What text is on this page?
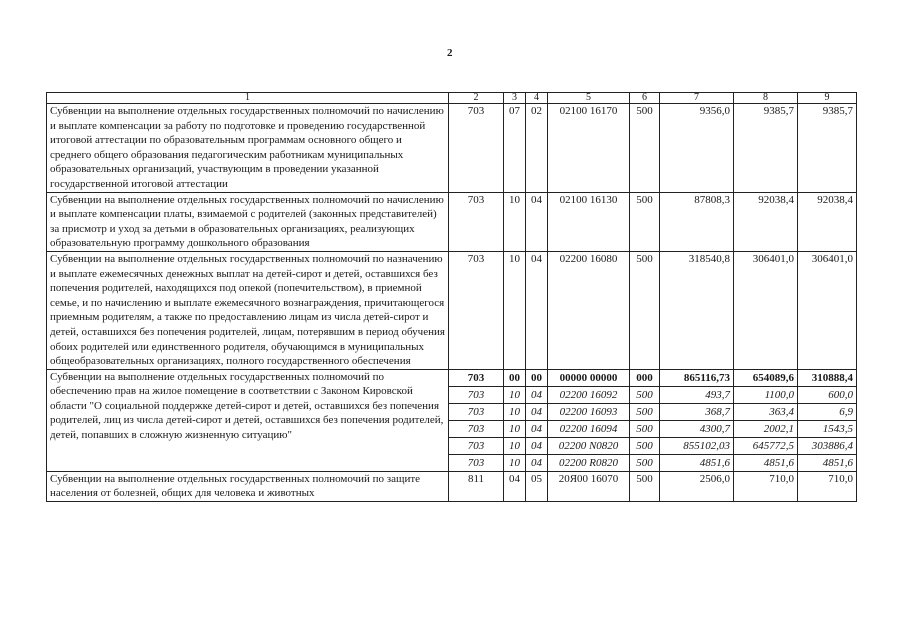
2
1	2	3	4	5	6	7	8	9
Субвенции на выполнение отдельных государственных полномочий по начислению и выплате компенсации за работу по подготовке и проведению государственной итоговой аттестации по образовательным программам основного общего и среднего общего образования педагогическим работникам муниципальных образовательных организаций, участвующим в проведении указанной государственной итоговой аттестации	703	07	02	02100 16170	500	9356,0	9385,7	9385,7
Субвенции на выполнение отдельных государственных полномочий по начислению и выплате компенсации платы, взимаемой с родителей (законных представителей) за присмотр и уход за детьми в образовательных организациях, реализующих образовательную программу дошкольного образования	703	10	04	02100 16130	500	87808,3	92038,4	92038,4
Субвенции на выполнение отдельных государственных полномочий по назначению и выплате ежемесячных денежных выплат на детей-сирот и детей, оставшихся без попечения родителей, находящихся под опекой (попечительством), в приемной семье, и по начислению и выплате ежемесячного вознаграждения, причитающегося приемным родителям, а также по предоставлению лицам из числа детей-сирот и детей, оставшихся без попечения родителей, лицам, потерявшим в период обучения обоих родителей или единственного родителя, обучающимся в муниципальных общеобразовательных организациях, полного государственного обеспечения	703	10	04	02200 16080	500	318540,8	306401,0	306401,0
Субвенции на выполнение отдельных государственных полномочий по обеспечению прав на жилое помещение в соответствии с Законом Кировской области "О социальной поддержке детей-сирот и детей, оставшихся без попечения родителей, лиц из числа детей-сирот и детей, оставшихся без попечения родителей, детей, попавших в сложную жизненную ситуацию"	703	00	00	00000 00000	000	865116,73	654089,6	310888,4
	703	10	04	02200 16092	500	493,7	1100,0	600,0
	703	10	04	02200 16093	500	368,7	363,4	6,9
	703	10	04	02200 16094	500	4300,7	2002,1	1543,5
	703	10	04	02200 N0820	500	855102,03	645772,5	303886,4
	703	10	04	02200 R0820	500	4851,6	4851,6	4851,6
Субвенции на выполнение отдельных государственных полномочий по защите населения от болезней, общих для человека и животных	811	04	05	20Я00 16070	500	2506,0	710,0	710,0
